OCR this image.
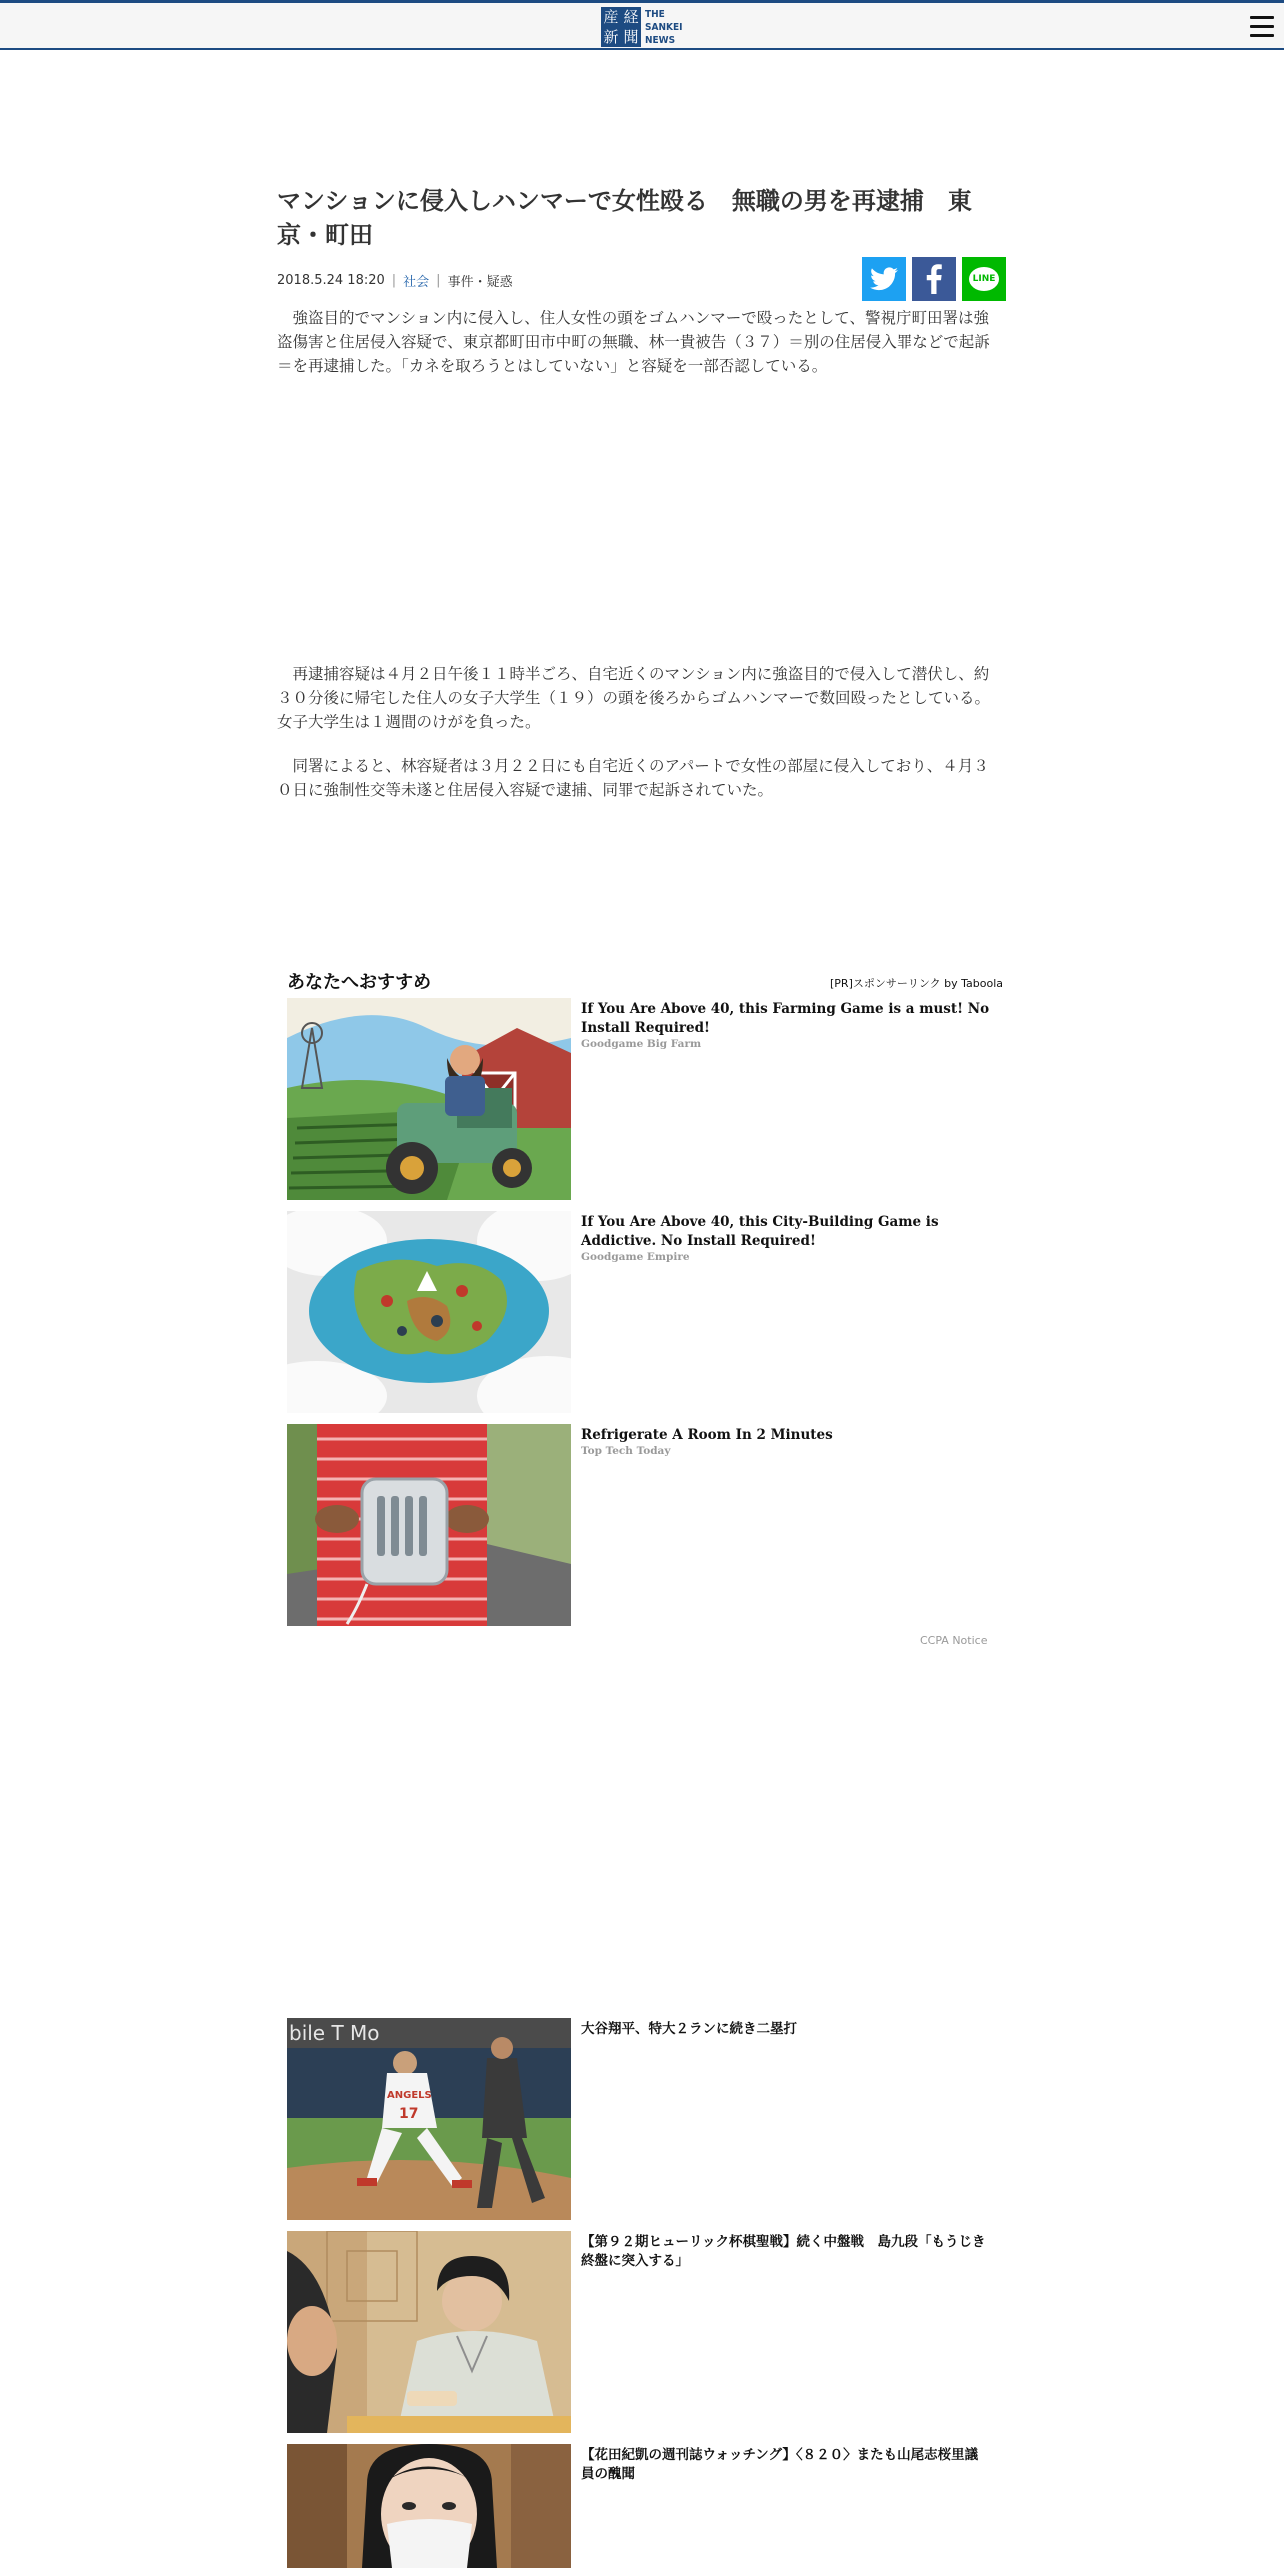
産 経
新 聞
THE
SANKEI
NEWS
マンションに侵入しハンマーで女性殴る　無職の男を再逮捕　東京・町田
2018.5.24 18:20 | 社会 | 事件・疑惑	LINE

強盗目的でマンション内に侵入し、住人女性の頭をゴムハンマーで殴ったとして、警視庁町田署は強盗傷害と住居侵入容疑で、東京都町田市中町の無職、林一貴被告（３７）＝別の住居侵入罪などで起訴＝を再逮捕した。「カネを取ろうとはしていない」と容疑を一部否認している。

再逮捕容疑は４月２日午後１１時半ごろ、自宅近くのマンション内に強盗目的で侵入して潜伏し、約３０分後に帰宅した住人の女子大学生（１９）の頭を後ろからゴムハンマーで数回殴ったとしている。女子大学生は１週間のけがを負った。

同署によると、林容疑者は３月２２日にも自宅近くのアパートで女性の部屋に侵入しており、４月３０日に強制性交等未遂と住居侵入容疑で逮捕、同罪で起訴されていた。

あなたへおすすめ	[PR]スポンサーリンク by Taboola
If You Are Above 40, this Farming Game is a must! No Install Required!
Goodgame Big Farm
If You Are Above 40, this City-Building Game is Addictive. No Install Required!
Goodgame Empire
Refrigerate A Room In 2 Minutes
Top Tech Today
CCPA Notice
bile T Mo
ANGELS
17
大谷翔平、特大２ランに続き二塁打
【第９２期ヒューリック杯棋聖戦】続く中盤戦　島九段「もうじき終盤に突入する」
【花田紀凱の週刊誌ウォッチング】〈８２０〉またも山尾志桜里議員の醜聞
